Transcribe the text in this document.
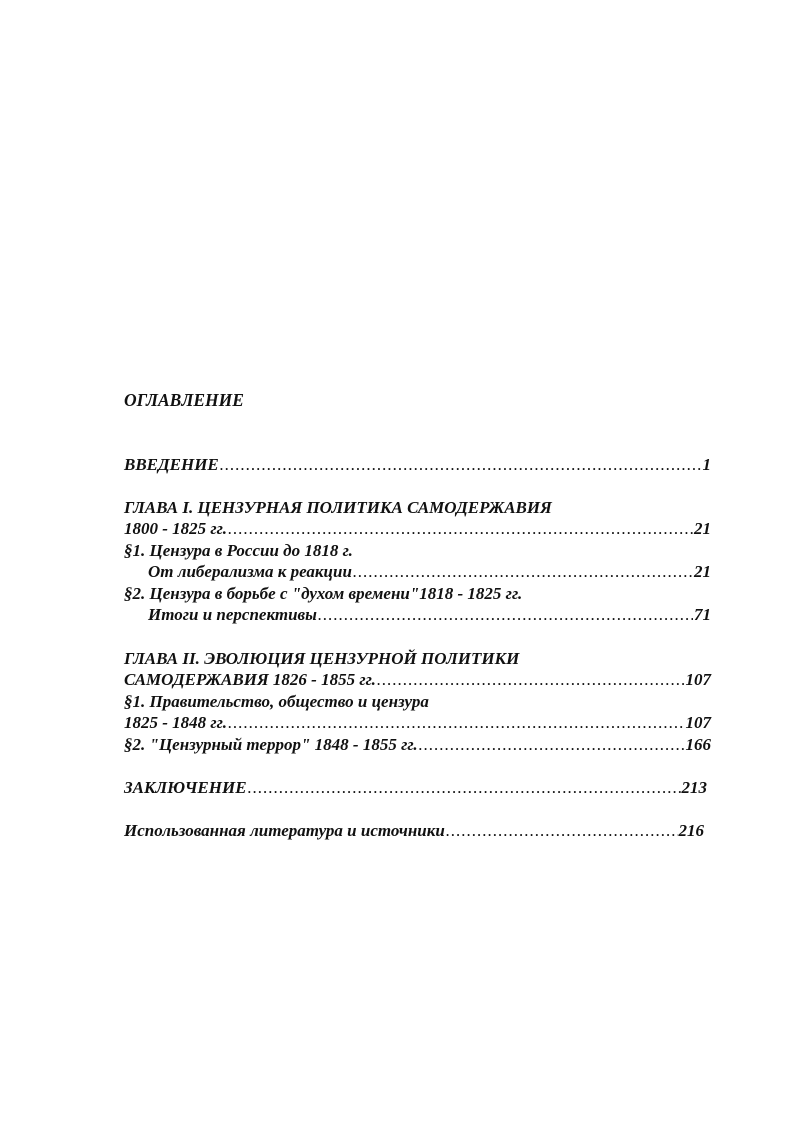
ОГЛАВЛЕНИЕ
ВВЕДЕНИЕ .....	1
ГЛАВА I. ЦЕНЗУРНАЯ ПОЛИТИКА САМОДЕРЖАВИЯ
1800 - 1825 гг. .....	21
§1. Цензура в России до 1818 г.
От либерализма к реакции .....	21
§2. Цензура в борьбе с "духом времени"1818 - 1825 гг.
Итоги и перспективы .....	71
ГЛАВА II. ЭВОЛЮЦИЯ ЦЕНЗУРНОЙ ПОЛИТИКИ
САМОДЕРЖАВИЯ 1826 - 1855 гг. .....	107
§1. Правительство, общество и цензура
1825 - 1848 гг. .....	107
§2. "Цензурный террор" 1848 - 1855 гг. .....	166
ЗАКЛЮЧЕНИЕ .....	213
Использованная литература и источники .....	216
